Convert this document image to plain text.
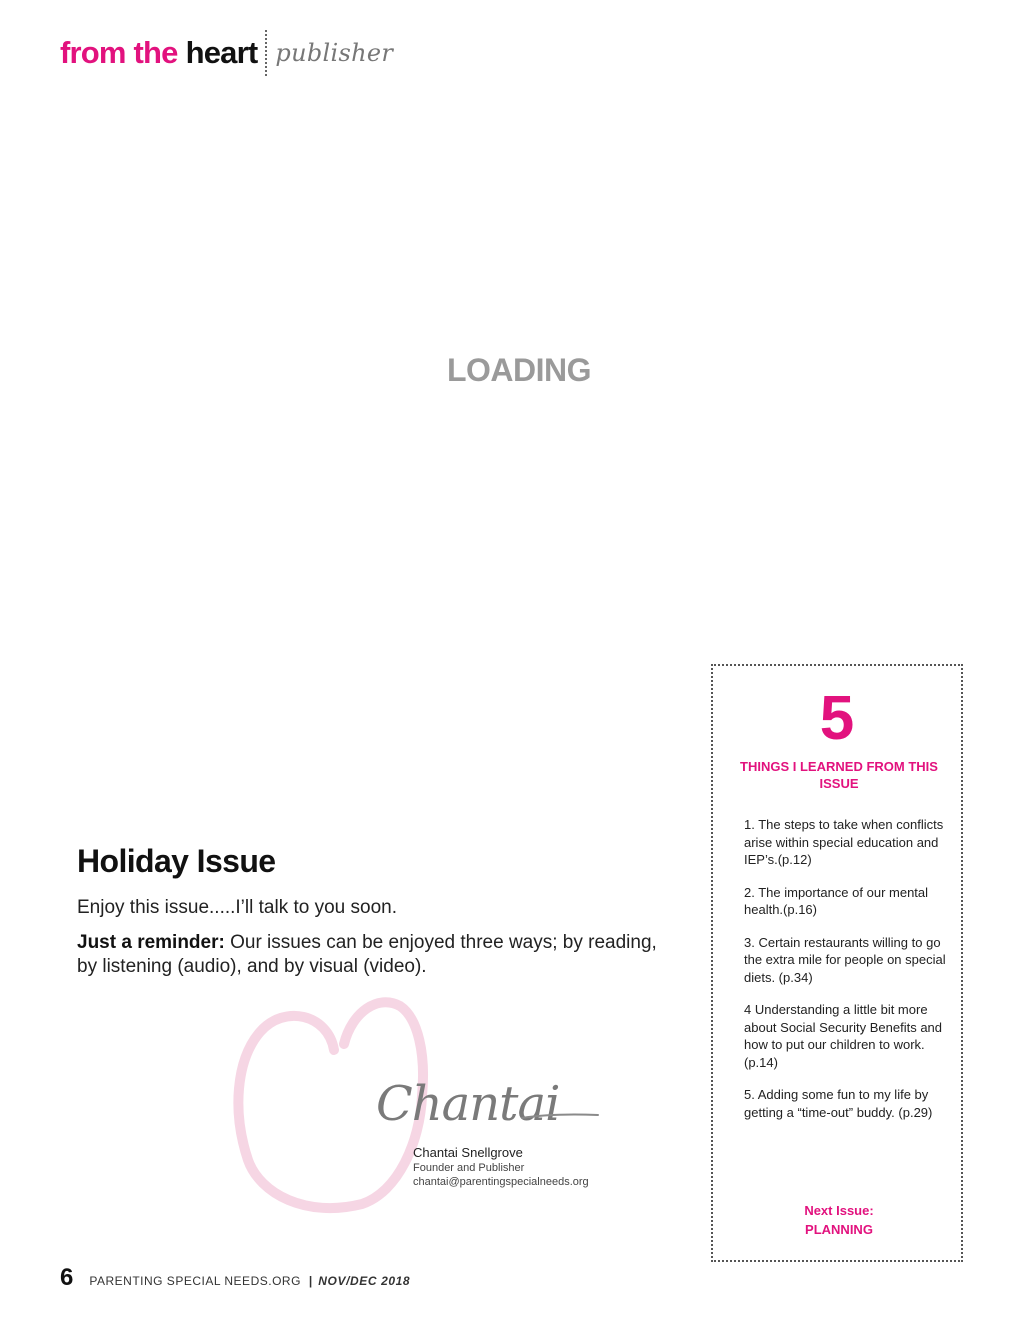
from the heart publisher
LOADING
Holiday Issue

Enjoy this issue.....I’ll talk to you soon.

Just a reminder: Our issues can be enjoyed three ways; by reading, by listening (audio), and by visual (video).

Chantai
Chantai Snellgrove
Founder and Publisher
chantai@parentingspecialneeds.org
5
THINGS I LEARNED FROM THIS ISSUE
1. The steps to take when conflicts arise within special education and IEP’s.(p.12)
2. The importance of our mental health.(p.16)
3. Certain restaurants willing to go the extra mile for people on special diets. (p.34)
4 Understanding a little bit more about Social Security Benefits and how to put our children to work. (p.14)
5. Adding some fun to my life by getting a “time-out” buddy. (p.29)
Next Issue:
PLANNING
6 PARENTING SPECIAL NEEDS.ORG | NOV/DEC 2018
